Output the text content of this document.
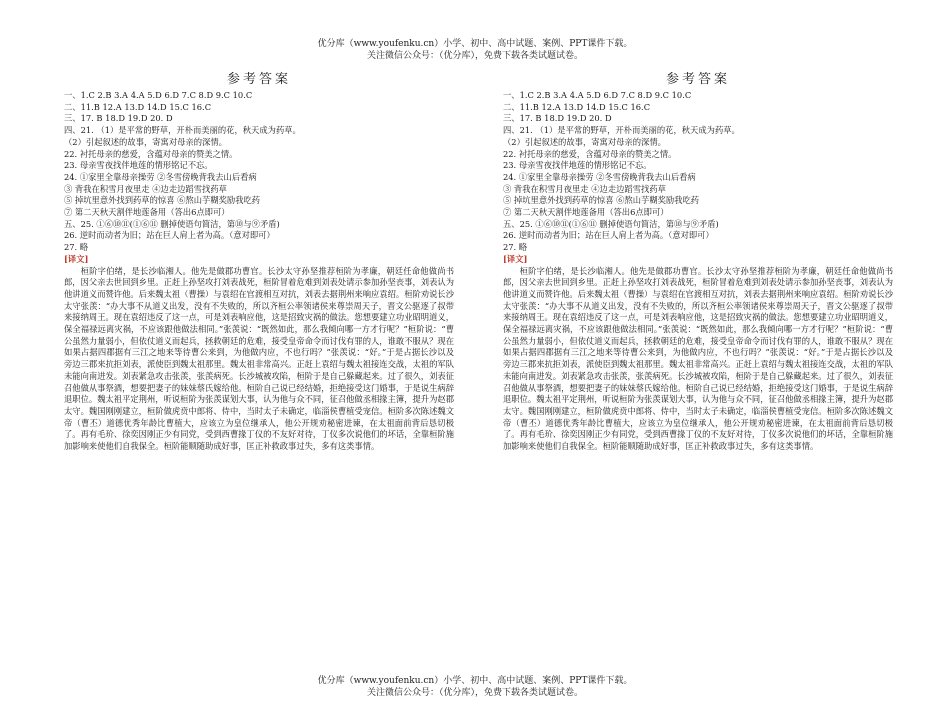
优分库（www.youfenku.cn）小学、初中、高中试题、案例、PPT课件下载。
关注微信公众号：（优分库），免费下载各类试题试卷。
参考答案
一、1.C 2.B 3.A 4.A 5.D 6.D 7.C 8.D 9.C 10.C
二、11.B 12.A 13.D 14.D 15.C 16.C
三、17. B 18.D 19.D 20. D
四、21. （1）是平常的野草，开朴而美丽的花，秋天成为药草。
（2）引起叙述的故事，寄寓对母亲的深情。
22. 衬托母亲的慈爱，含蕴对母亲的赞美之情。
23. 母亲雪夜找伴地莲的情形铭记不忘。
24. ①家里全靠母亲操劳 ②冬雪傍晚背我去山后看病
③ 背我在积雪月夜里走 ④边走边蹈雪找药草
⑤ 掉坑里意外找到药草的惊喜 ⑥熬山芋糊奖励我吃药
⑦ 第二天秋天割伴地莲备用（答出6点即可）
五、25. ①⑥⑩⑪(①⑥⑪ 删掉使语句简洁，第⑩与⑨矛盾)
26. 逆时而动者为旧；站在巨人肩上者为高。（意对即可）
27. 略
[译文]
桓阶字伯绪，是长沙临湘人。他先是做郡功曹官。长沙太守孙坚推荐桓阶为孝廉，朝廷任命他做尚书郎，因父亲去世回到乡里。正赶上孙坚攻打刘表战死，桓阶冒着危难到刘表处请示参加孙坚丧事，刘表认为他讲道义而赞许他。后来魏太祖（曹操）与袁绍在官渡相互对抗，刘表去据荆州来响应袁绍。桓阶劝说长沙太守张羡：“办大事不从道义出发，没有不失败的，所以齐桓公率领诸侯来尊崇周天子，晋文公驱逐了叔带来接纳周王。现在袁绍违反了这一点，可是刘表响应他，这是招致灾祸的做法。您想要建立功业昭明道义，保全福禄远离灾祸，不应该跟他做法相同。”张羡说：“既然如此，那么我倾向哪一方才行呢？”桓阶说：“曹公虽然力量弱小，但依仗道义而起兵，拯救朝廷的危难，接受皇帝命令而讨伐有罪的人，谁敢不服从？现在如果占据四郡据有三江之地来等待曹公来到，为他做内应，不也行吗？”张羡说：“好。”于是占据长沙以及旁边三郡来抗拒刘表，派使臣到魏太祖那里。魏太祖非常高兴。正赶上袁绍与魏太祖接连交战，太祖的军队未能向南进发。刘表紧急攻击张羡，张羡病死。长沙城被攻陷，桓阶于是自己躲藏起来。过了很久，刘表征召他做从事祭酒，想要把妻子的妹妹蔡氏嫁给他。桓阶自己说已经结婚，拒绝接受这门婚事，于是说生病辞退职位。魏太祖平定荆州，听说桓阶为张羡谋划大事，认为他与众不同，征召他做丞相掾主簿，提升为赵郡太守。魏国刚刚建立，桓阶做虎贲中郎将、侍中，当时太子未确定，临淄侯曹植受宠信。桓阶多次陈述魏文帝（曹丕）道德优秀年龄比曹植大，应该立为皇位继承人，他公开规劝秘密进谏，在太祖面前背后恳切极了。再有毛玠、徐奕因刚正少有同党，受到西曹掾丁仪的不友好对待，丁仪多次说他们的坏话，全靠桓阶施加影响来使他们自我保全。桓阶能顺随助成好事，匡正补救政事过失，多有这类事情。
参考答案
一、1.C 2.B 3.A 4.A 5.D 6.D 7.C 8.D 9.C 10.C
二、11.B 12.A 13.D 14.D 15.C 16.C
三、17. B 18.D 19.D 20. D
四、21. （1）是平常的野草，开朴而美丽的花，秋天成为药草。
（2）引起叙述的故事，寄寓对母亲的深情。
22. 衬托母亲的慈爱，含蕴对母亲的赞美之情。
23. 母亲雪夜找伴地莲的情形铭记不忘。
24. ①家里全靠母亲操劳 ②冬雪傍晚背我去山后看病
③ 背我在积雪月夜里走 ④边走边蹈雪找药草
⑤ 掉坑里意外找到药草的惊喜 ⑥熬山芋糊奖励我吃药
⑦ 第二天秋天割伴地莲备用（答出6点即可）
五、25. ①⑥⑩⑪(①⑥⑪ 删掉使语句简洁，第⑩与⑨矛盾)
26. 逆时而动者为旧；站在巨人肩上者为高。（意对即可）
27. 略
[译文]
桓阶字伯绪，是长沙临湘人。他先是做郡功曹官。长沙太守孙坚推荐桓阶为孝廉，朝廷任命他做尚书郎，因父亲去世回到乡里。正赶上孙坚攻打刘表战死，桓阶冒着危难到刘表处请示参加孙坚丧事，刘表认为他讲道义而赞许他。后来魏太祖（曹操）与袁绍在官渡相互对抗，刘表去据荆州来响应袁绍。桓阶劝说长沙太守张羡：“办大事不从道义出发，没有不失败的，所以齐桓公率领诸侯来尊崇周天子，晋文公驱逐了叔带来接纳周王。现在袁绍违反了这一点，可是刘表响应他，这是招致灾祸的做法。您想要建立功业昭明道义，保全福禄远离灾祸，不应该跟他做法相同。”张羡说：“既然如此，那么我倾向哪一方才行呢？”桓阶说：“曹公虽然力量弱小，但依仗道义而起兵，拯救朝廷的危难，接受皇帝命令而讨伐有罪的人，谁敢不服从？现在如果占据四郡据有三江之地来等待曹公来到，为他做内应，不也行吗？”张羡说：“好。”于是占据长沙以及旁边三郡来抗拒刘表，派使臣到魏太祖那里。魏太祖非常高兴。正赶上袁绍与魏太祖接连交战，太祖的军队未能向南进发。刘表紧急攻击张羡，张羡病死。长沙城被攻陷，桓阶于是自己躲藏起来。过了很久，刘表征召他做从事祭酒，想要把妻子的妹妹蔡氏嫁给他。桓阶自己说已经结婚，拒绝接受这门婚事，于是说生病辞退职位。魏太祖平定荆州，听说桓阶为张羡谋划大事，认为他与众不同，征召他做丞相掾主簿，提升为赵郡太守。魏国刚刚建立，桓阶做虎贲中郎将、侍中，当时太子未确定，临淄侯曹植受宠信。桓阶多次陈述魏文帝（曹丕）道德优秀年龄比曹植大，应该立为皇位继承人，他公开规劝秘密进谏，在太祖面前背后恳切极了。再有毛玠、徐奕因刚正少有同党，受到西曹掾丁仪的不友好对待，丁仪多次说他们的坏话，全靠桓阶施加影响来使他们自我保全。桓阶能顺随助成好事，匡正补救政事过失，多有这类事情。
优分库（www.youfenku.cn）小学、初中、高中试题、案例、PPT课件下载。
关注微信公众号：（优分库），免费下载各类试题试卷。
